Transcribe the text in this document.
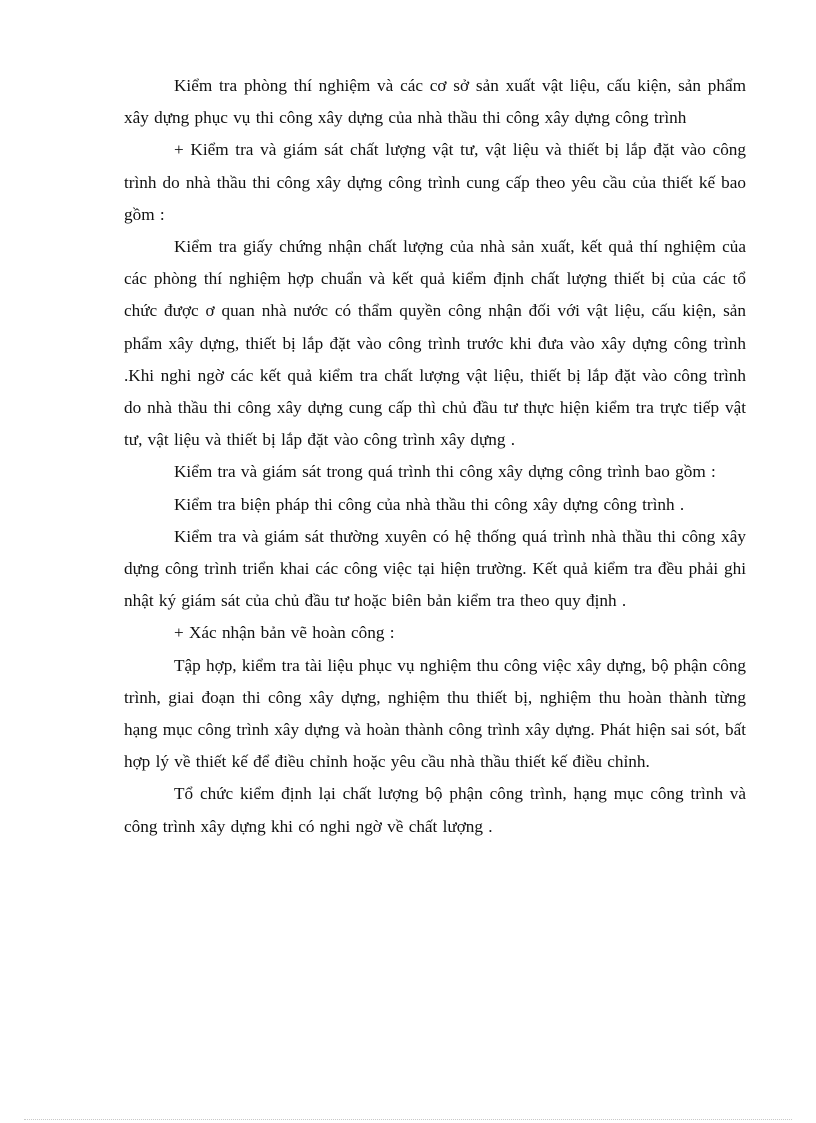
Kiểm tra phòng thí nghiệm và các cơ sở sản xuất vật liệu, cấu kiện, sản phẩm xây dựng phục vụ thi công xây dựng của nhà thầu thi công xây dựng công trình

+ Kiểm tra và giám sát chất lượng vật tư, vật liệu và thiết bị lắp đặt vào công trình do nhà thầu thi công xây dựng công trình cung cấp theo yêu cầu của thiết kế bao gồm :

Kiểm tra giấy chứng nhận chất lượng của nhà sản xuất, kết quả thí nghiệm của các phòng thí nghiệm hợp chuẩn và kết quả kiểm định chất lượng thiết bị của các tổ chức được ơ quan nhà nước có thẩm quyền công nhận đối với vật liệu, cấu kiện, sản phẩm xây dựng, thiết bị lắp đặt vào công trình trước khi đưa vào xây dựng công trình .Khi nghi ngờ các kết quả kiểm tra chất lượng vật liệu, thiết bị lắp đặt vào công trình do nhà thầu thi công xây dựng cung cấp thì chủ đầu tư thực hiện kiểm tra trực tiếp vật tư, vật liệu và thiết bị lắp đặt vào công trình xây dựng .

Kiểm tra và giám sát trong quá trình thi công xây dựng công trình bao gồm :

Kiểm tra biện pháp thi công của nhà thầu thi công xây dựng công trình .

Kiểm tra và giám sát thường xuyên có hệ thống quá trình nhà thầu thi công xây dựng công trình triển khai các công việc tại hiện trường. Kết quả kiểm tra đều phải ghi nhật ký giám sát của chủ đầu tư hoặc biên bản kiểm tra theo quy định .

+ Xác nhận bản vẽ hoàn công :

Tập hợp, kiểm tra tài liệu phục vụ nghiệm thu công việc xây dựng, bộ phận công trình, giai đoạn thi công xây dựng, nghiệm thu thiết bị, nghiệm thu hoàn thành từng hạng mục công trình xây dựng và hoàn thành công trình xây dựng. Phát hiện sai sót, bất hợp lý về thiết kế để điều chỉnh hoặc yêu cầu nhà thầu thiết kế điều chỉnh.

Tổ chức kiểm định lại chất lượng bộ phận công trình, hạng mục công trình và công trình xây dựng khi có nghi ngờ về chất lượng .
